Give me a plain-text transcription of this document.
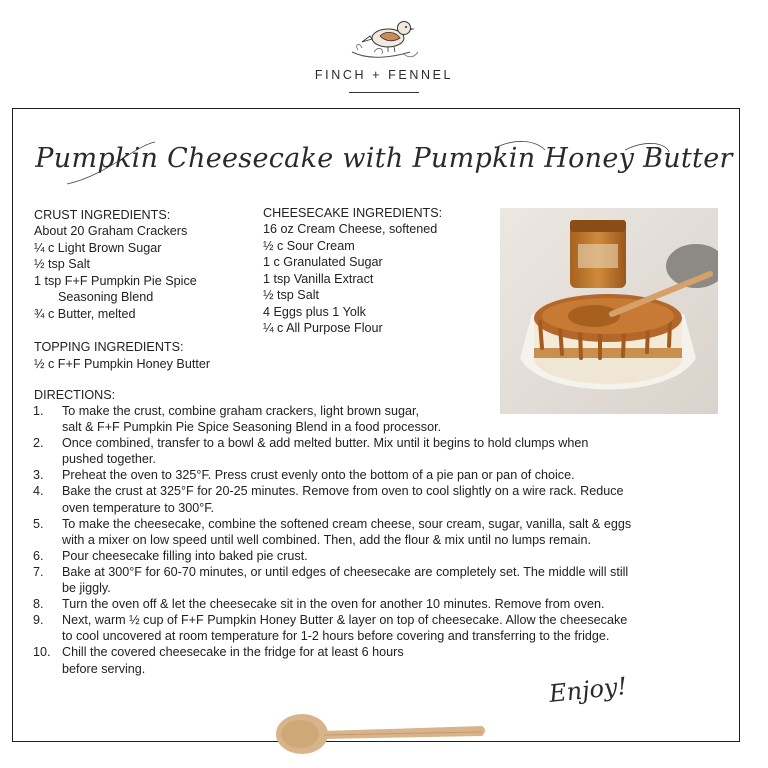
FINCH + FENNEL
Pumpkin Cheesecake with Pumpkin Honey Butter
CRUST INGREDIENTS:
About 20 Graham Crackers
¼ c Light Brown Sugar
½ tsp Salt
1 tsp F+F Pumpkin Pie Spice
Seasoning Blend
¾ c Butter, melted
TOPPING INGREDIENTS:
½ c F+F Pumpkin Honey Butter
CHEESECAKE INGREDIENTS:
16 oz Cream Cheese, softened
½ c Sour Cream
1 c Granulated Sugar
1 tsp Vanilla Extract
½ tsp Salt
4 Eggs plus 1 Yolk
¼ c All Purpose Flour
DIRECTIONS:
1. To make the crust, combine graham crackers, light brown sugar,
salt & F+F Pumpkin Pie Spice Seasoning Blend in a food processor.
2. Once combined, transfer to a bowl & add melted butter. Mix until it begins to hold clumps when
pushed together.
3. Preheat the oven to 325°F. Press crust evenly onto the bottom of a pie pan or pan of choice.
4. Bake the crust at 325°F for 20-25 minutes. Remove from oven to cool slightly on a wire rack. Reduce
oven temperature to 300°F.
5. To make the cheesecake, combine the softened cream cheese, sour cream, sugar, vanilla, salt & eggs
with a mixer on low speed until well combined. Then, add the flour & mix until no lumps remain.
6. Pour cheesecake filling into baked pie crust.
7. Bake at 300°F for 60-70 minutes, or until edges of cheesecake are completely set. The middle will still
be jiggly.
8. Turn the oven off & let the cheesecake sit in the oven for another 10 minutes. Remove from oven.
9. Next, warm ½ cup of F+F Pumpkin Honey Butter & layer on top of cheesecake. Allow the cheesecake
to cool uncovered at room temperature for 1-2 hours before covering and transferring to the fridge.
10. Chill the covered cheesecake in the fridge for at least 6 hours
before serving.
Enjoy!
